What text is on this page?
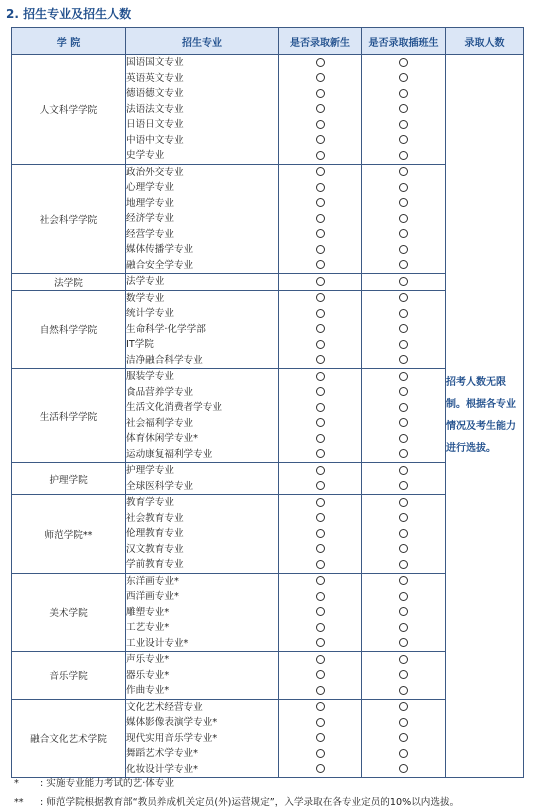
2. 招生专业及招生人数
学 院	招生专业	是否录取新生	是否录取插班生	录取人数
人文科学学院	国语国文专业			招考人数无限制。根据各专业情况及考生能力进行选拔。
	英语英文专业			
	德语德文专业			
	法语法文专业			
	日语日文专业			
	中语中文专业			
	史学专业			
社会科学学院	政治外交专业			
	心理学专业			
	地理学专业			
	经济学专业			
	经营学专业			
	媒体传播学专业			
	融合安全学专业			
法学院	法学专业			
自然科学学院	数学专业			
	统计学专业			
	生命科学·化学学部			
	IT学院			
	洁净融合科学专业			
生活科学学院	服装学专业			
	食品营养学专业			
	生活文化消费者学专业			
	社会福利学专业			
	体育休闲学专业*			
	运动康复福利学专业			
护理学院	护理学专业			
	全球医科学专业			
师范学院**	教育学专业			
	社会教育专业			
	伦理教育专业			
	汉文教育专业			
	学前教育专业			
美术学院	东洋画专业*			
	西洋画专业*			
	雕塑专业*			
	工艺专业*			
	工业设计专业*			
音乐学院	声乐专业*			
	器乐专业*			
	作曲专业*			
融合文化艺术学院	文化艺术经营专业			
	媒体影像表演学专业*			
	现代实用音乐学专业*			
	舞蹈艺术学专业*			
	化妆设计学专业*			
* : 实施专业能力考试的艺·体专业
** : 师范学院根据教育部“教员养成机关定员(外)运营规定”，入学录取在各专业定员的10%以内选拔。
